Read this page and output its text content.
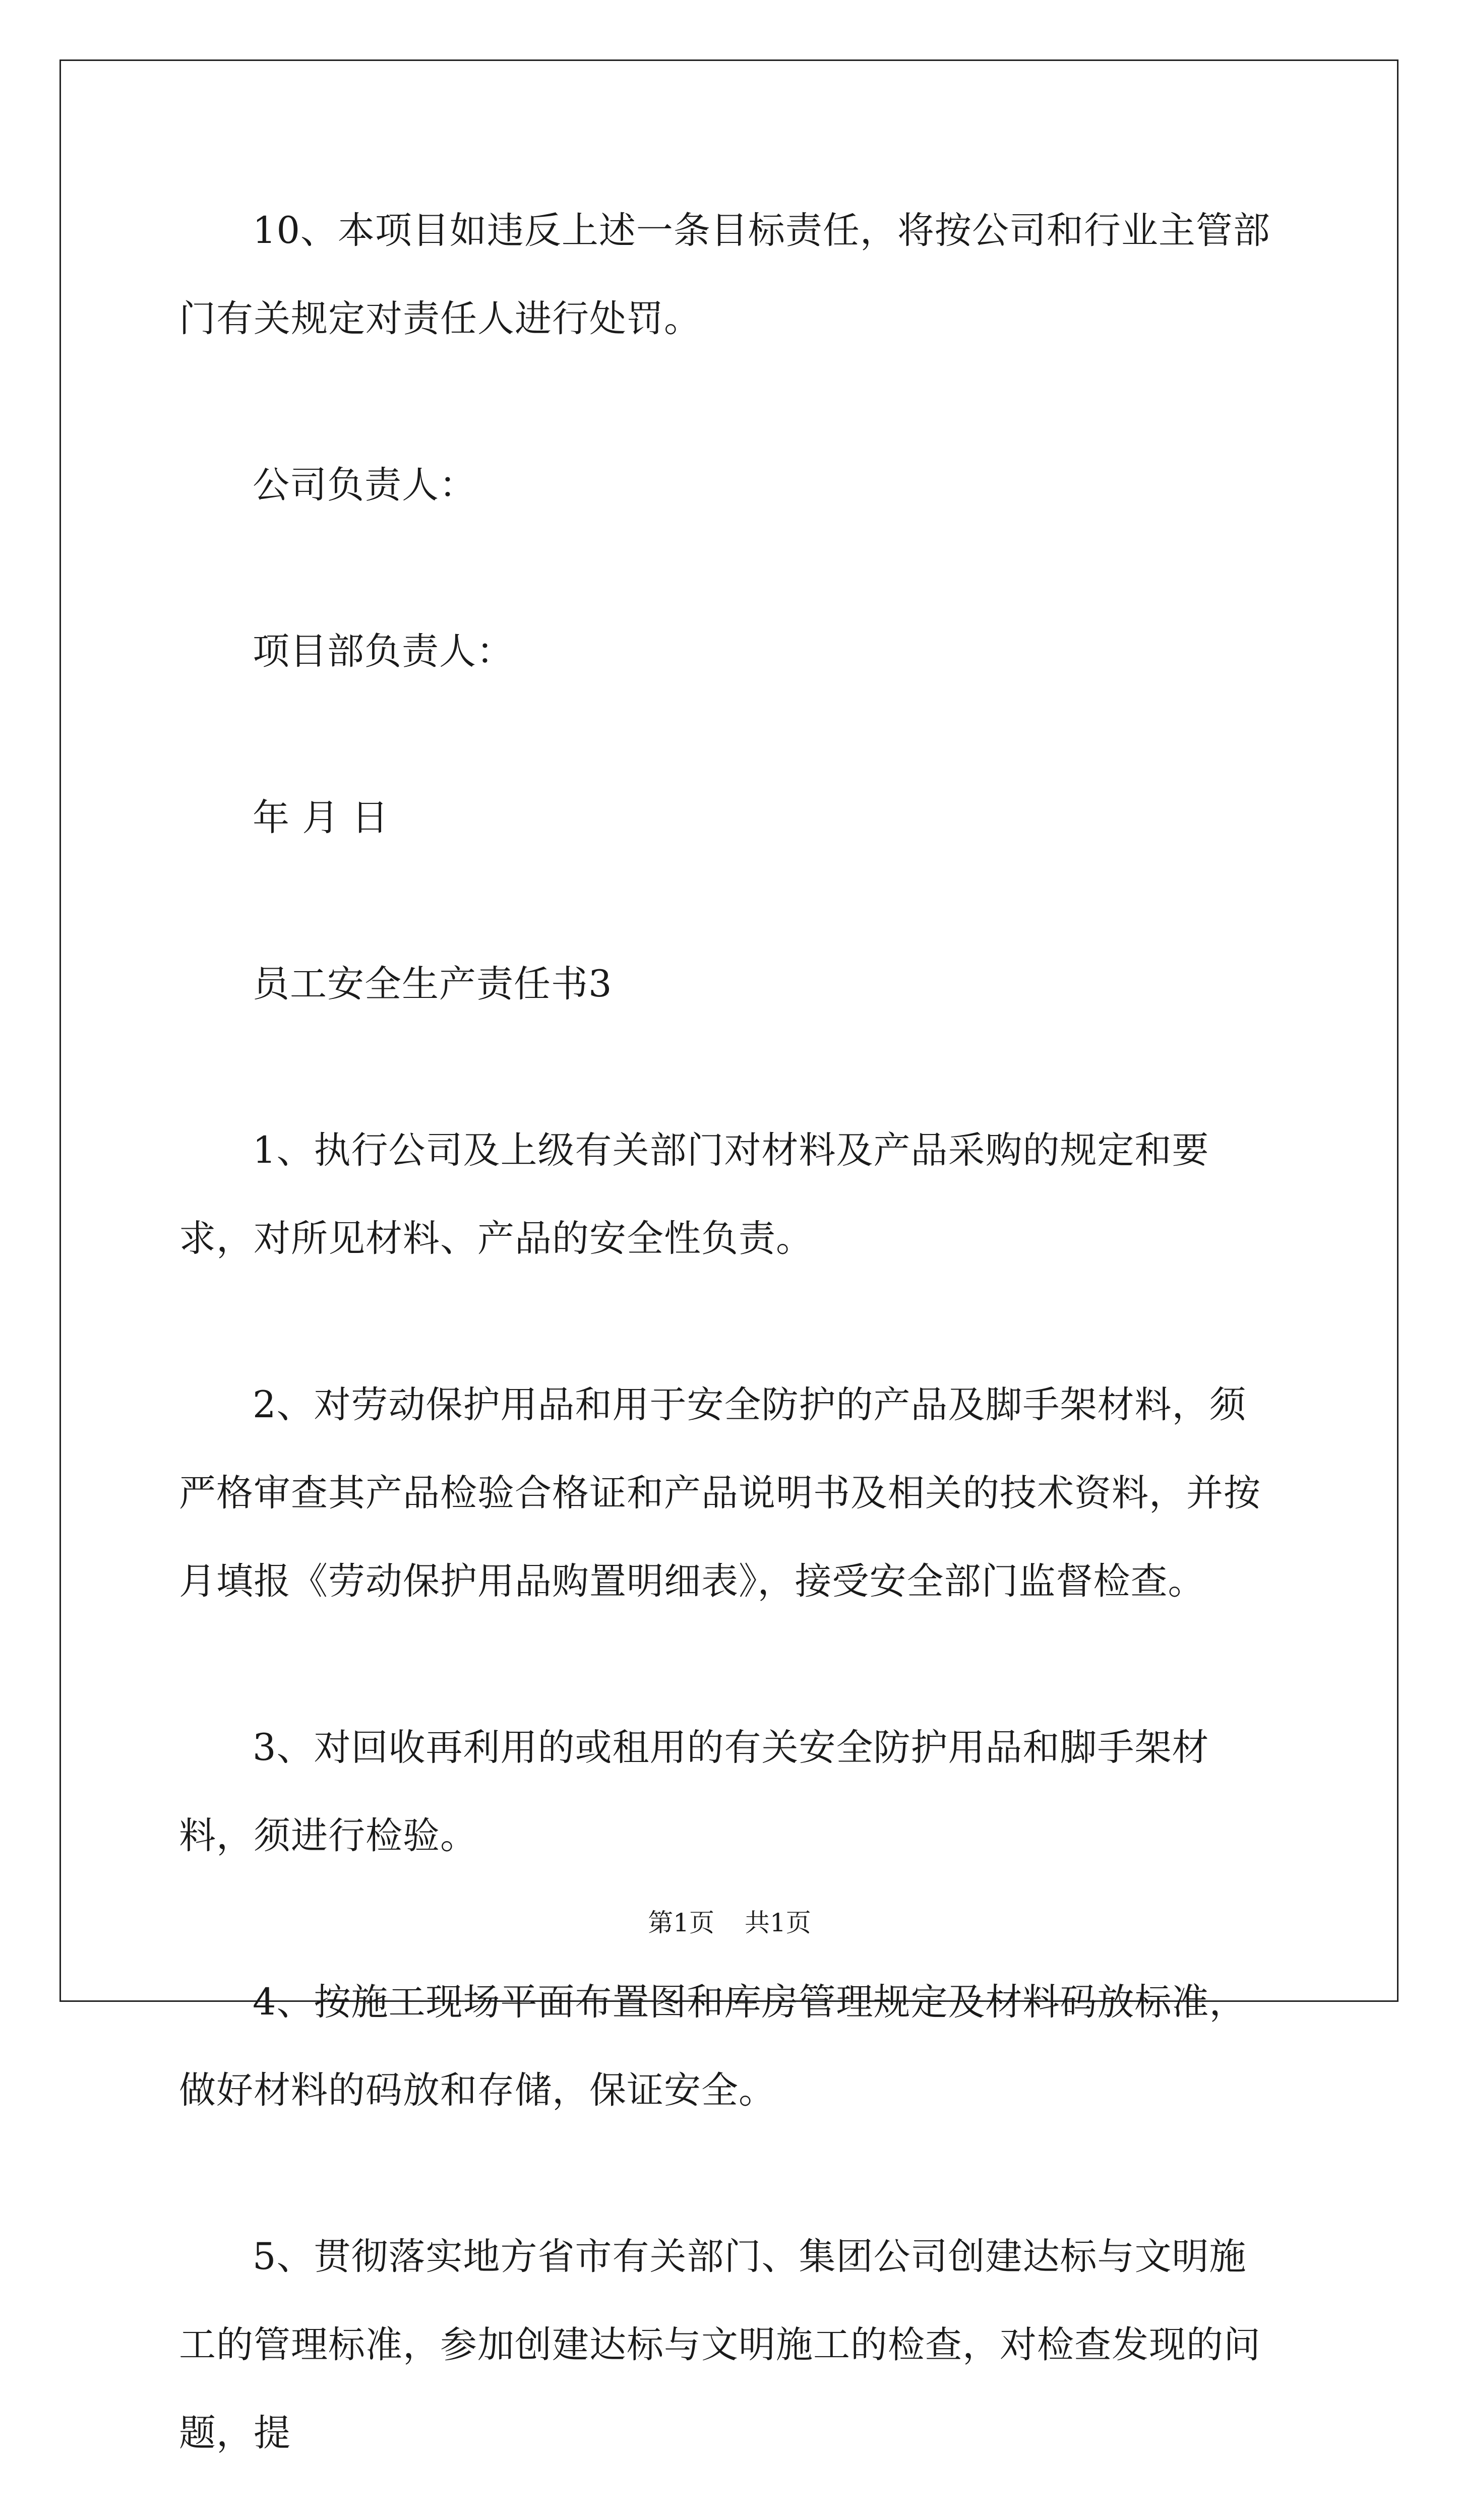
10、本项目如违反上述一条目标责任，将按公司和行业主管部门有关规定对责任人进行处罚。

公司负责人：

项目部负责人：

年 月 日

员工安全生产责任书3

1、执行公司及上级有关部门对材料及产品采购的规定和要求，对所见材料、产品的安全性负责。

2、对劳动保护用品和用于安全防护的产品及脚手架材料，须严格审查其产品检验合格证和产品说明书及相关的技术资料，并按月填报《劳动保护用品购置明细表》，接受安全部门监督检查。

3、对回收再利用的或租用的有关安全防护用品和脚手架材料，须进行检验。

4、按施工现场平面布置图和库房管理规定及材料码放标准，做好材料的码放和存储，保证安全。

5、贯彻落实地方省市有关部门、集团公司创建达标与文明施工的管理标准，参加创建达标与文明施工的检查，对检查发现的问题，提

第1页 共1页
